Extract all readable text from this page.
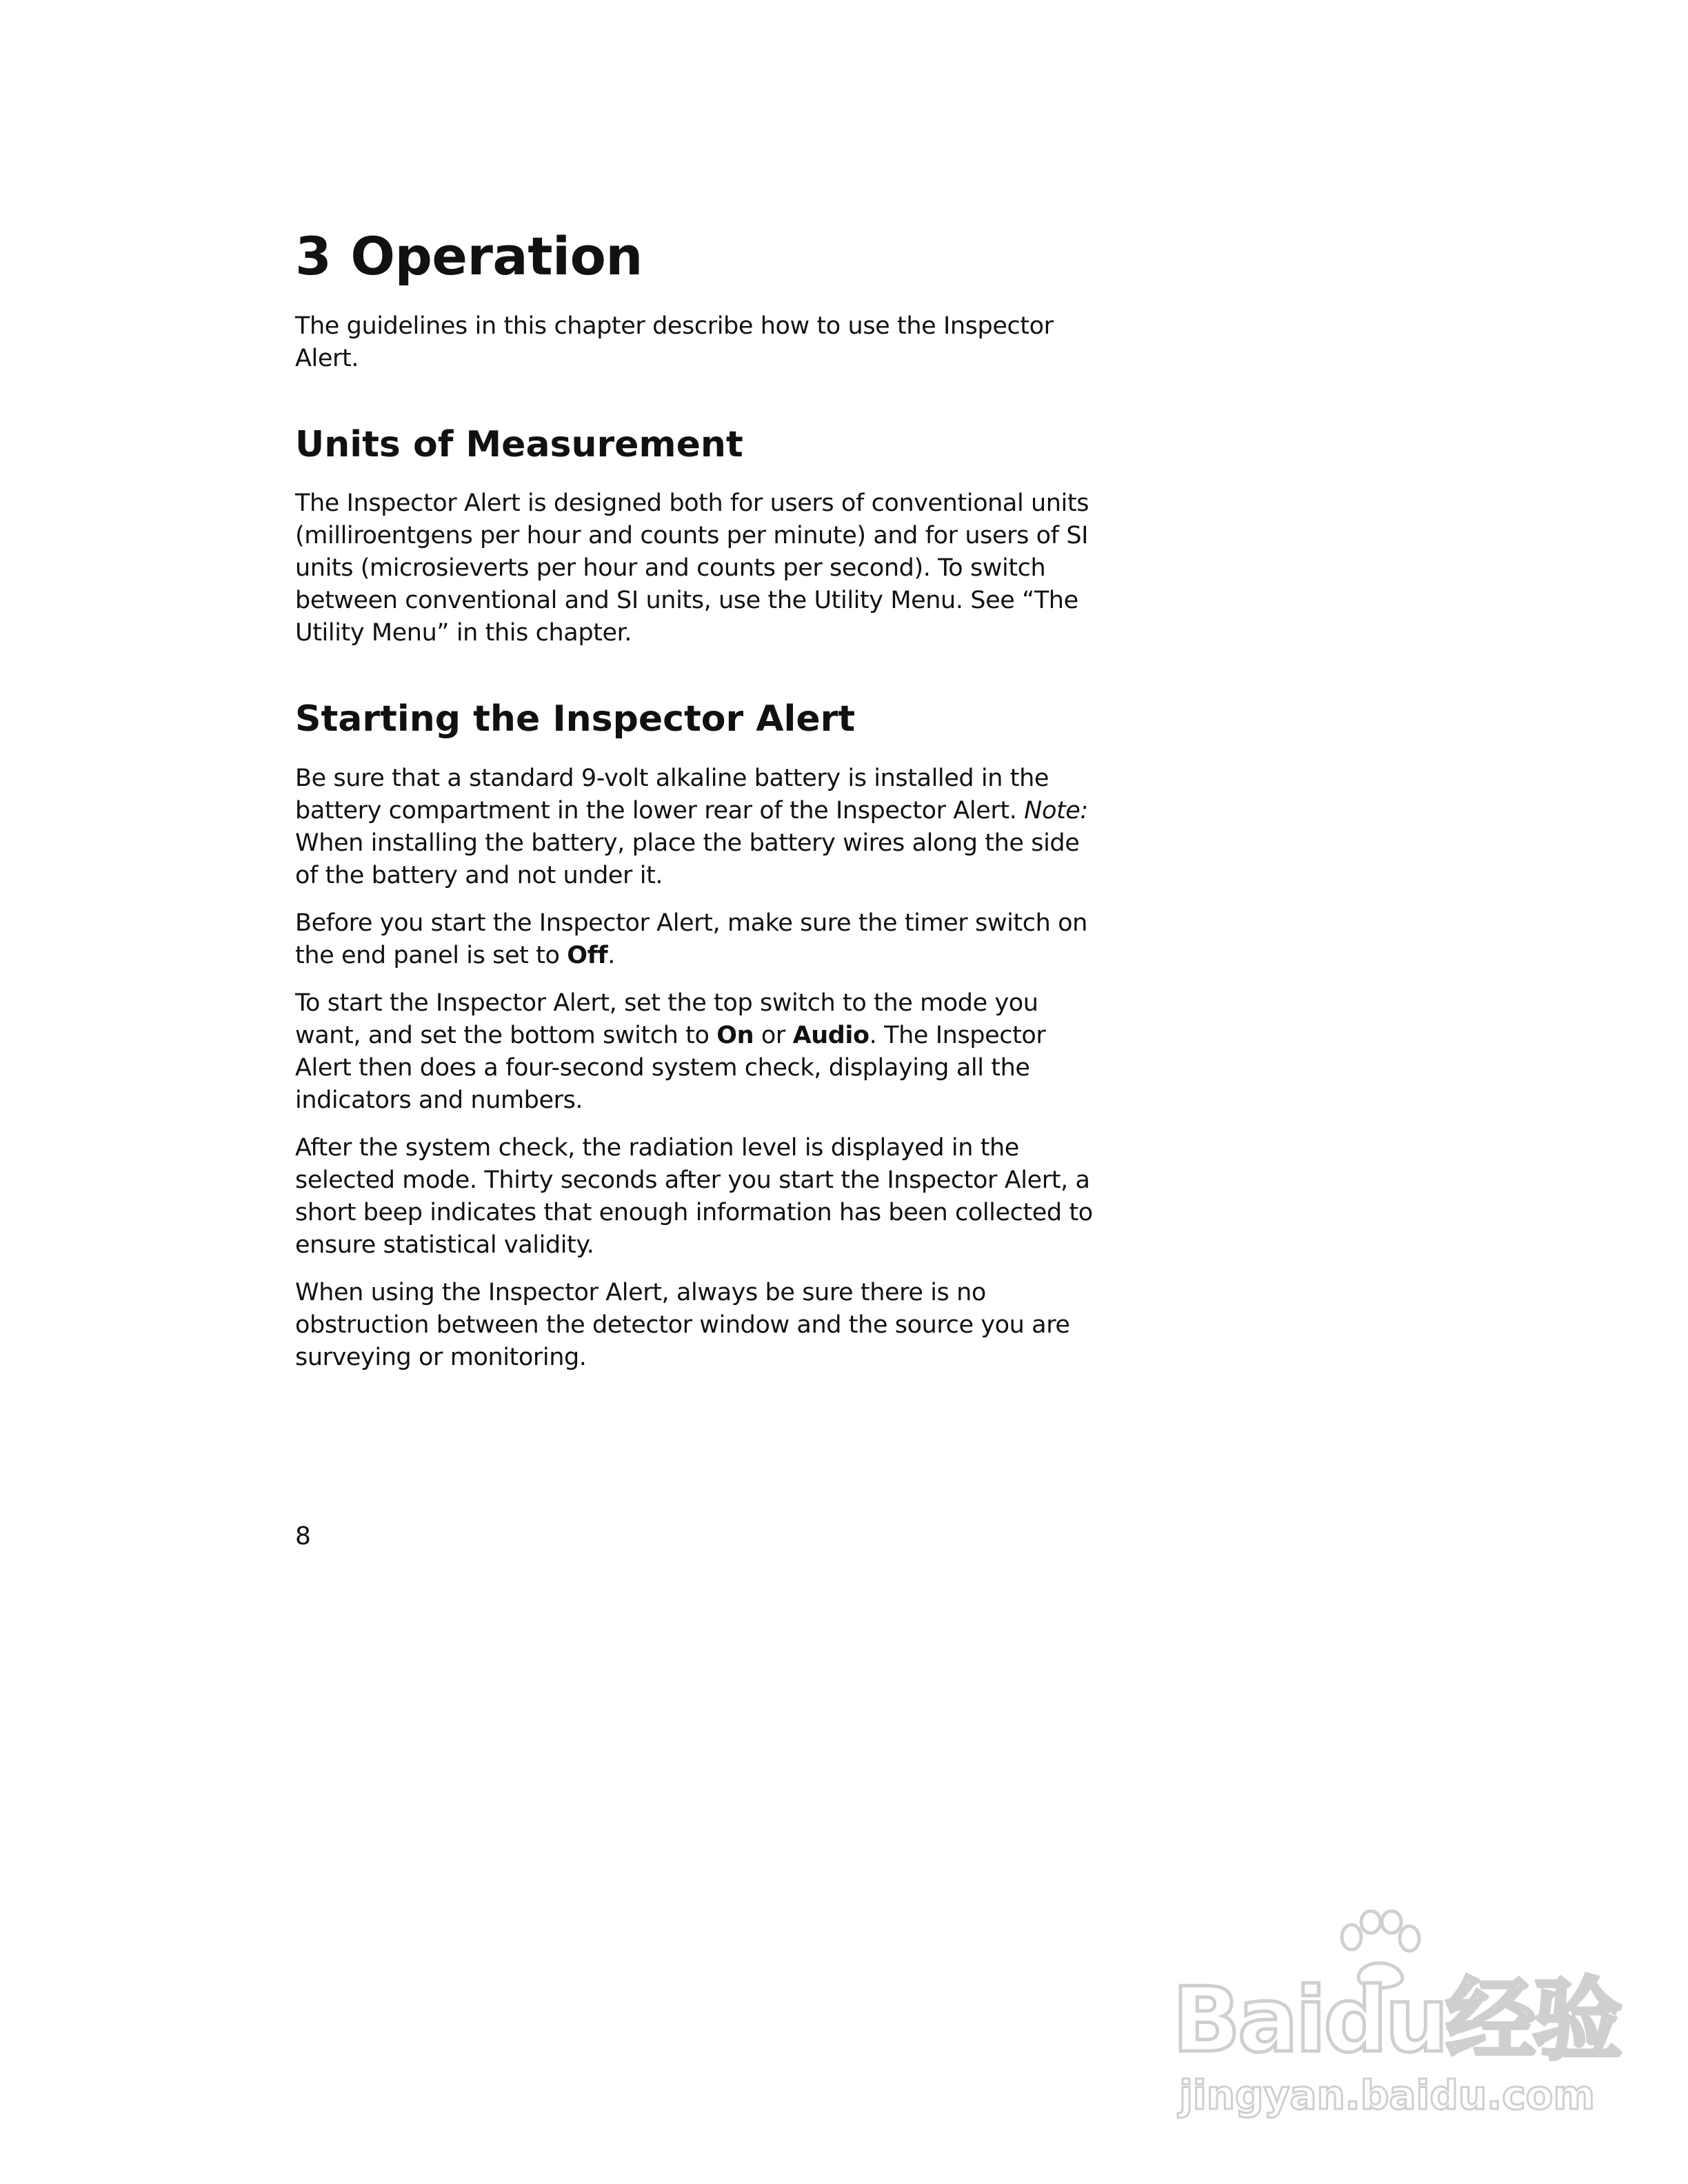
3 Operation

The guidelines in this chapter describe how to use the Inspector Alert.

Units of Measurement

The Inspector Alert is designed both for users of conventional units (milliroentgens per hour and counts per minute) and for users of SI units (microsieverts per hour and counts per second). To switch between conventional and SI units, use the Utility Menu. See “The Utility Menu” in this chapter.

Starting the Inspector Alert

Be sure that a standard 9-volt alkaline battery is installed in the battery compartment in the lower rear of the Inspector Alert. Note: When installing the battery, place the battery wires along the side of the battery and not under it.

Before you start the Inspector Alert, make sure the timer switch on the end panel is set to Off.

To start the Inspector Alert, set the top switch to the mode you want, and set the bottom switch to On or Audio. The Inspector Alert then does a four-second system check, displaying all the indicators and numbers.

After the system check, the radiation level is displayed in the selected mode. Thirty seconds after you start the Inspector Alert, a short beep indicates that enough information has been collected to ensure statistical validity.

When using the Inspector Alert, always be sure there is no obstruction between the detector window and the source you are surveying or monitoring.

8
Baidu经验
jingyan.baidu.com
